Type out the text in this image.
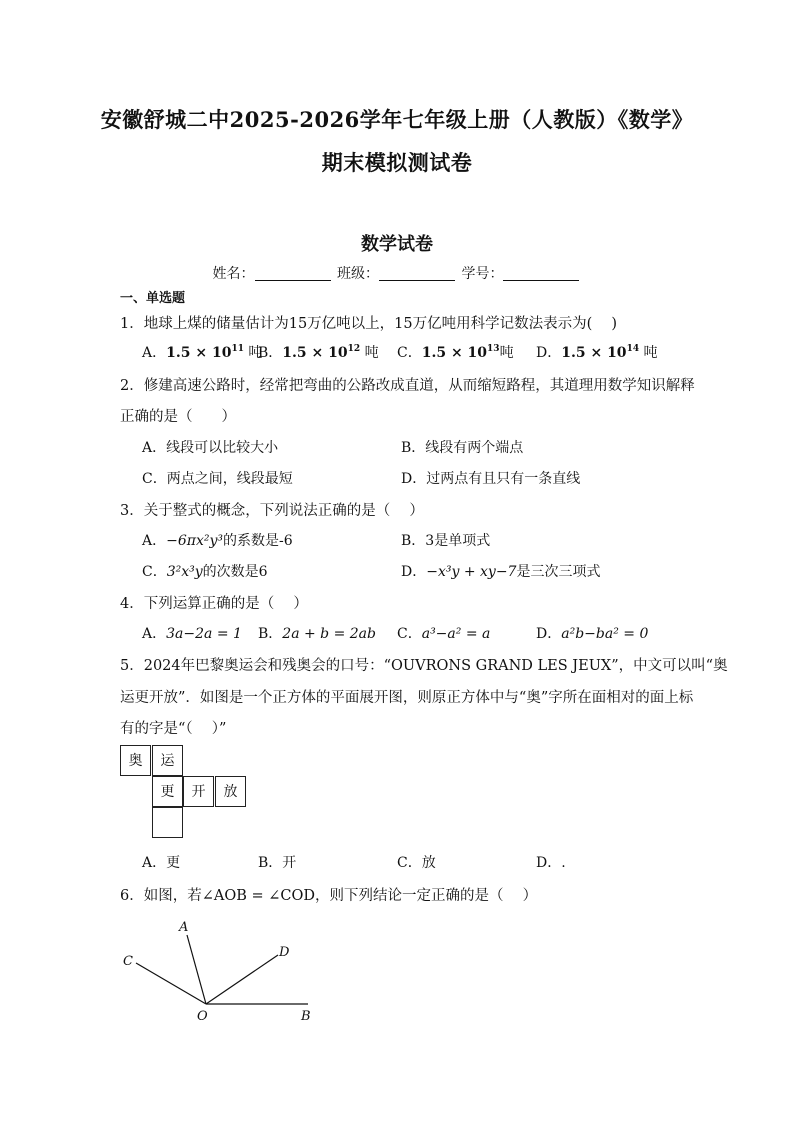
安徽舒城二中2025-2026学年七年级上册（人教版）《数学》
期末模拟测试卷
数学试卷
姓名：	班级：	学号：
一、单选题
1．地球上煤的储量估计为15万亿吨以上，15万亿吨用科学记数法表示为(　 )
A．$1.5 \times 10^{11}$ 吨
B．$1.5 \times 10^{12}$ 吨 C．$1.5 \times 10^{13}$吨 D．$1.5 \times 10^{14}$ 吨
2．修建高速公路时，经常把弯曲的公路改成直道，从而缩短路程，其道理用数学知识解释
正确的是（　　）
A．线段可以比较大小	B．线段有两个端点
C．两点之间，线段最短	D．过两点有且只有一条直线
3．关于整式的概念，下列说法正确的是（　 ）
A．−6πx²y³的系数是-6	B．3是单项式
C．3²x³y的次数是6	D．−x³y + xy−7是三次三项式
4．下列运算正确的是（　 ）
A．3a−2a = 1 B．2a + b = 2ab C．a³−a² = a	D．a²b−ba² = 0
5．2024年巴黎奥运会和残奥会的口号：“OUVRONS GRAND LES JEUX”，中文可以叫“奥
运更开放”．如图是一个正方体的平面展开图，则原正方体中与“奥”字所在面相对的面上标
有的字是“（　 ）”
奥	运
更	开	放
A．更	B．开	C．放	D．.
6．如图，若∠AOB = ∠COD，则下列结论一定正确的是（　 ）
A
C
D
O	B
